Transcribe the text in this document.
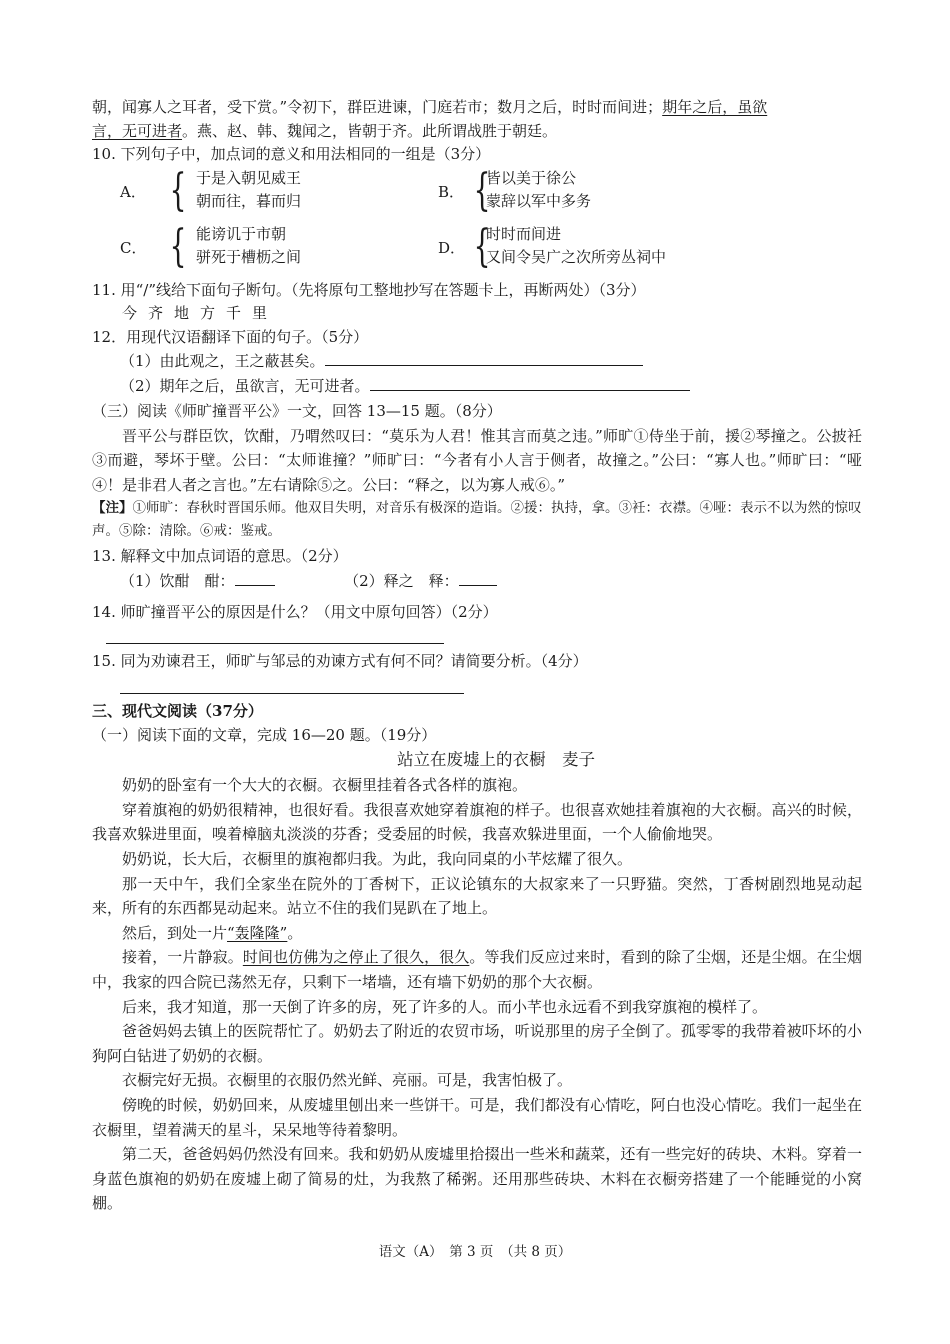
朝，闻寡人之耳者，受下赏。”令初下，群臣进谏，门庭若市；数月之后，时时而间进；期年之后，虽欲
言，无可进者。燕、赵、韩、魏闻之，皆朝于齐。此所谓战胜于朝廷。
10. 下列句子中，加点词的意义和用法相同的一组是（3分）
A． { 于是入朝见威王
朝而往，暮而归	B． {
皆以美于徐公
蒙辞以军中多务
C． { 能谤讥于市朝
骈死于槽枥之间	D． {
时时而间进
又间令吴广之次所旁丛祠中
11. 用“/”线给下面句子断句。（先将原句工整地抄写在答题卡上，再断两处）（3分）
今齐地方千里
12．用现代汉语翻译下面的句子。（5分）
（1）由此观之，王之蔽甚矣。
（2）期年之后，虽欲言，无可进者。
（三）阅读《师旷撞晋平公》一文，回答 13—15 题。（8分）
晋平公与群臣饮，饮酣，乃喟然叹曰：“莫乐为人君！惟其言而莫之违。”师旷①侍坐于前，援②琴撞之。公披衽③而避，琴坏于壁。公曰：“太师谁撞？”师旷曰：“今者有小人言于侧者，故撞之。”公曰：“寡人也。”师旷曰：“哑④！是非君人者之言也。”左右请除⑤之。公曰：“释之，以为寡人戒⑥。”
【注】①师旷：春秋时晋国乐师。他双目失明，对音乐有极深的造诣。②援：执持，拿。③衽：衣襟。④哑：表示不以为然的惊叹声。⑤除：清除。⑥戒：鉴戒。
13. 解释文中加点词语的意思。（2分）
（1）饮酣　酣：	（2）释之　释：
14. 师旷撞晋平公的原因是什么？（用文中原句回答）（2分）
15. 同为劝谏君王，师旷与邹忌的劝谏方式有何不同？请简要分析。（4分）
三、现代文阅读（37分）
（一）阅读下面的文章，完成 16—20 题。（19分）
站立在废墟上的衣橱　麦子
奶奶的卧室有一个大大的衣橱。衣橱里挂着各式各样的旗袍。
穿着旗袍的奶奶很精神，也很好看。我很喜欢她穿着旗袍的样子。也很喜欢她挂着旗袍的大衣橱。高兴的时候，我喜欢躲进里面，嗅着樟脑丸淡淡的芬香；受委屈的时候，我喜欢躲进里面，一个人偷偷地哭。
奶奶说，长大后，衣橱里的旗袍都归我。为此，我向同桌的小芊炫耀了很久。
那一天中午，我们全家坐在院外的丁香树下，正议论镇东的大叔家来了一只野猫。突然，丁香树剧烈地晃动起来，所有的东西都晃动起来。站立不住的我们晃趴在了地上。
然后，到处一片“轰隆隆”。
接着，一片静寂。时间也仿佛为之停止了很久，很久。等我们反应过来时，看到的除了尘烟，还是尘烟。在尘烟中，我家的四合院已荡然无存，只剩下一堵墙，还有墙下奶奶的那个大衣橱。
后来，我才知道，那一天倒了许多的房，死了许多的人。而小芊也永远看不到我穿旗袍的模样了。
爸爸妈妈去镇上的医院帮忙了。奶奶去了附近的农贸市场，听说那里的房子全倒了。孤零零的我带着被吓坏的小狗阿白钻进了奶奶的衣橱。
衣橱完好无损。衣橱里的衣服仍然光鲜、亮丽。可是，我害怕极了。
傍晚的时候，奶奶回来，从废墟里刨出来一些饼干。可是，我们都没有心情吃，阿白也没心情吃。我们一起坐在衣橱里，望着满天的星斗，呆呆地等待着黎明。
第二天，爸爸妈妈仍然没有回来。我和奶奶从废墟里拾掇出一些米和蔬菜，还有一些完好的砖块、木料。穿着一身蓝色旗袍的奶奶在废墟上砌了简易的灶，为我熬了稀粥。还用那些砖块、木料在衣橱旁搭建了一个能睡觉的小窝棚。
语文（A）　第 3 页　（共 8 页）
